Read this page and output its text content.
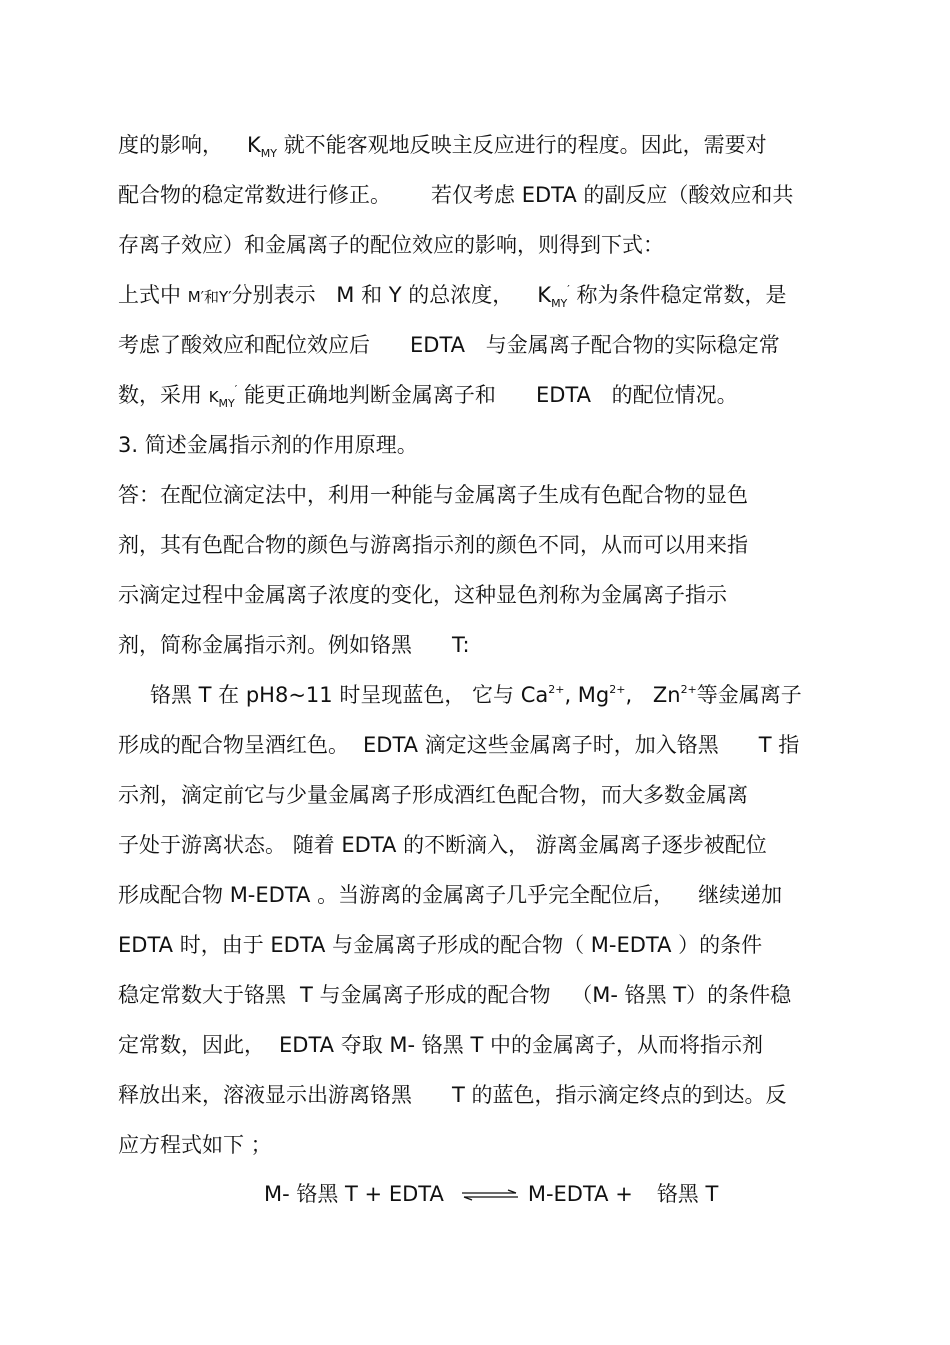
度的影响， $K_{MY}$ 就不能客观地反映主反应进行的程度。因此，需要对
配合物的稳定常数进行修正。 若仅考虑 EDTA 的副反应（酸效应和共
存离子效应）和金属离子的配位效应的影响，则得到下式：
上式中 M′和Y′分别表示 M 和 Y 的总浓度， $K_{MY}'$ 称为条件稳定常数，是
考虑了酸效应和配位效应后 EDTA 与金属离子配合物的实际稳定常
数，采用 $K_{MY}'$ 能更正确地判断金属离子和 EDTA 的配位情况。
3. 简述金属指示剂的作用原理。
答：在配位滴定法中，利用一种能与金属离子生成有色配合物的显色
剂，其有色配合物的颜色与游离指示剂的颜色不同，从而可以用来指
示滴定过程中金属离子浓度的变化，这种显色剂称为金属离子指示
剂，简称金属指示剂。例如铬黑 T:
铬黑 T 在 pH8~11 时呈现蓝色， 它与 $Ca^{2+}$, $Mg^{2+}$, $Zn^{2+}$等金属离子
形成的配合物呈酒红色。 EDTA 滴定这些金属离子时，加入铬黑 T 指
示剂，滴定前它与少量金属离子形成酒红色配合物，而大多数金属离
子处于游离状态。 随着 EDTA 的不断滴入， 游离金属离子逐步被配位
形成配合物 M-EDTA 。当游离的金属离子几乎完全配位后， 继续递加
EDTA 时，由于 EDTA 与金属离子形成的配合物（ M-EDTA ）的条件
稳定常数大于铬黑 T 与金属离子形成的配合物 （M- 铬黑 T）的条件稳
定常数，因此， EDTA 夺取 M- 铬黑 T 中的金属离子，从而将指示剂
释放出来，溶液显示出游离铬黑 T 的蓝色，指示滴定终点的到达。反
应方程式如下 ；
M- 铬黑 T + EDTA ⇌ M-EDTA + 铬黑 T
